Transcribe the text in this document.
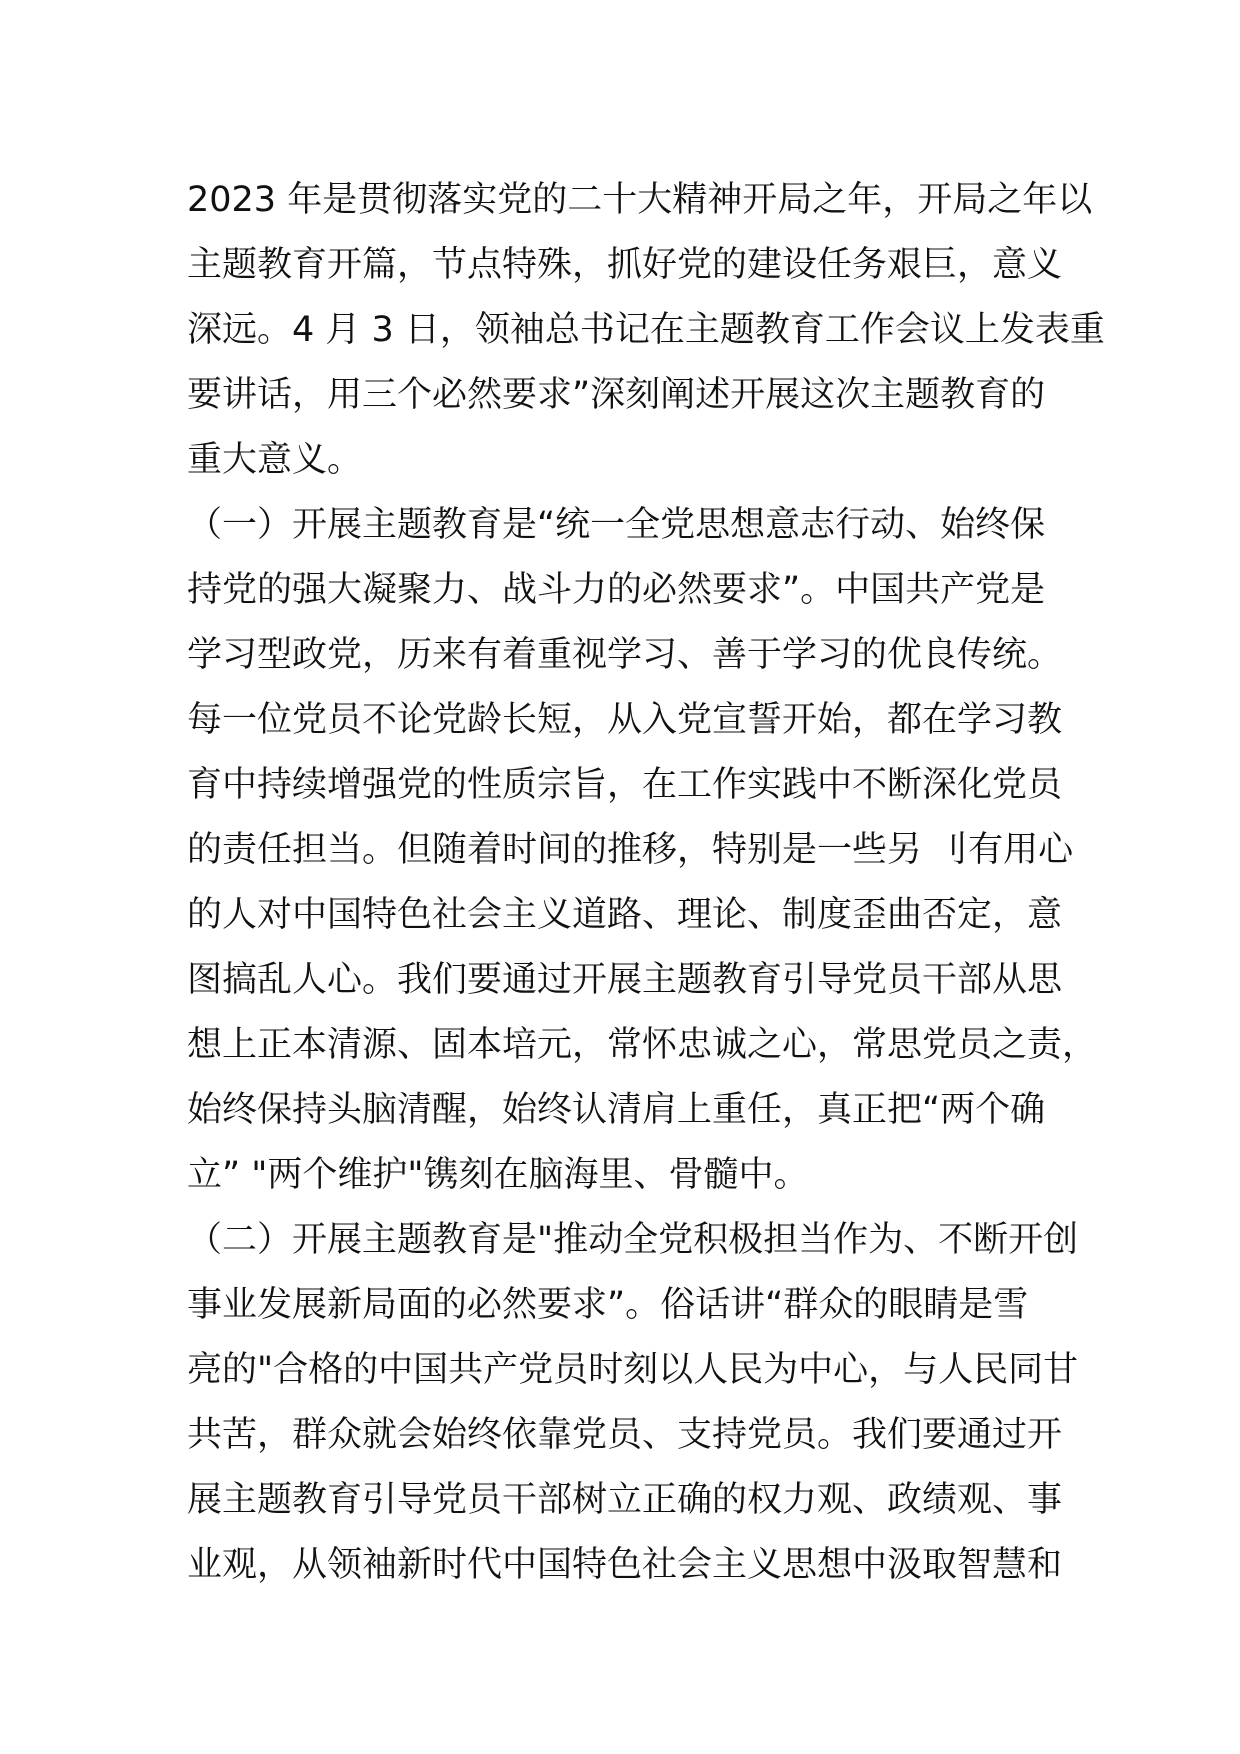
2023 年是贯彻落实党的二十大精神开局之年，开局之年以
主题教育开篇，节点特殊，抓好党的建设任务艰巨，意义
深远。4 月 3 日，领袖总书记在主题教育工作会议上发表重
要讲话，用三个必然要求”深刻阐述开展这次主题教育的
重大意义。
（一）开展主题教育是“统一全党思想意志行动、始终保
持党的强大凝聚力、战斗力的必然要求”。中国共产党是
学习型政党，历来有着重视学习、善于学习的优良传统。
每一位党员不论党龄长短，从入党宣誓开始，都在学习教
育中持续增强党的性质宗旨，在工作实践中不断深化党员
的责任担当。但随着时间的推移，特别是一些另 刂有用心
的人对中国特色社会主义道路、理论、制度歪曲否定，意
图搞乱人心。我们要通过开展主题教育引导党员干部从思
想上正本清源、固本培元，常怀忠诚之心，常思党员之责，
始终保持头脑清醒，始终认清肩上重任，真正把“两个确
立” "两个维护"镌刻在脑海里、骨髓中。
（二）开展主题教育是"推动全党积极担当作为、不断开创
事业发展新局面的必然要求”。俗话讲“群众的眼睛是雪
亮的"合格的中国共产党员时刻以人民为中心，与人民同甘
共苦，群众就会始终依靠党员、支持党员。我们要通过开
展主题教育引导党员干部树立正确的权力观、政绩观、事
业观，从领袖新时代中国特色社会主义思想中汲取智慧和
